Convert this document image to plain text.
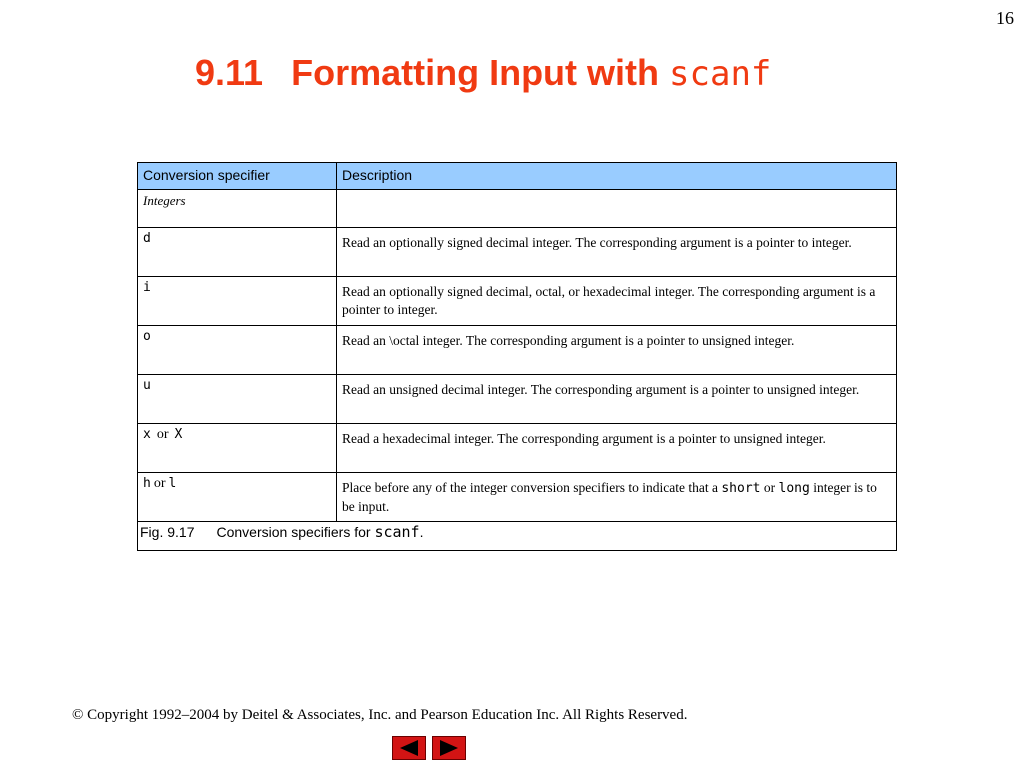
16
9.11 Formatting Input with scanf
Conversion specifier	Description
Integers	
d	Read an optionally signed decimal integer. The corresponding argument is a pointer to integer.
i	Read an optionally signed decimal, octal, or hexadecimal integer. The corresponding argument is a pointer to integer.
o	Read an \octal integer. The corresponding argument is a pointer to unsigned integer.
u	Read an unsigned decimal integer. The corresponding argument is a pointer to unsigned integer.
x or X	Read a hexadecimal integer. The corresponding argument is a pointer to unsigned integer.
h or l	Place before any of the integer conversion specifiers to indicate that a short or long integer is to be input.
Fig. 9.17 Conversion specifiers for scanf.	
© Copyright 1992–2004 by Deitel & Associates, Inc. and Pearson Education Inc. All Rights Reserved.
